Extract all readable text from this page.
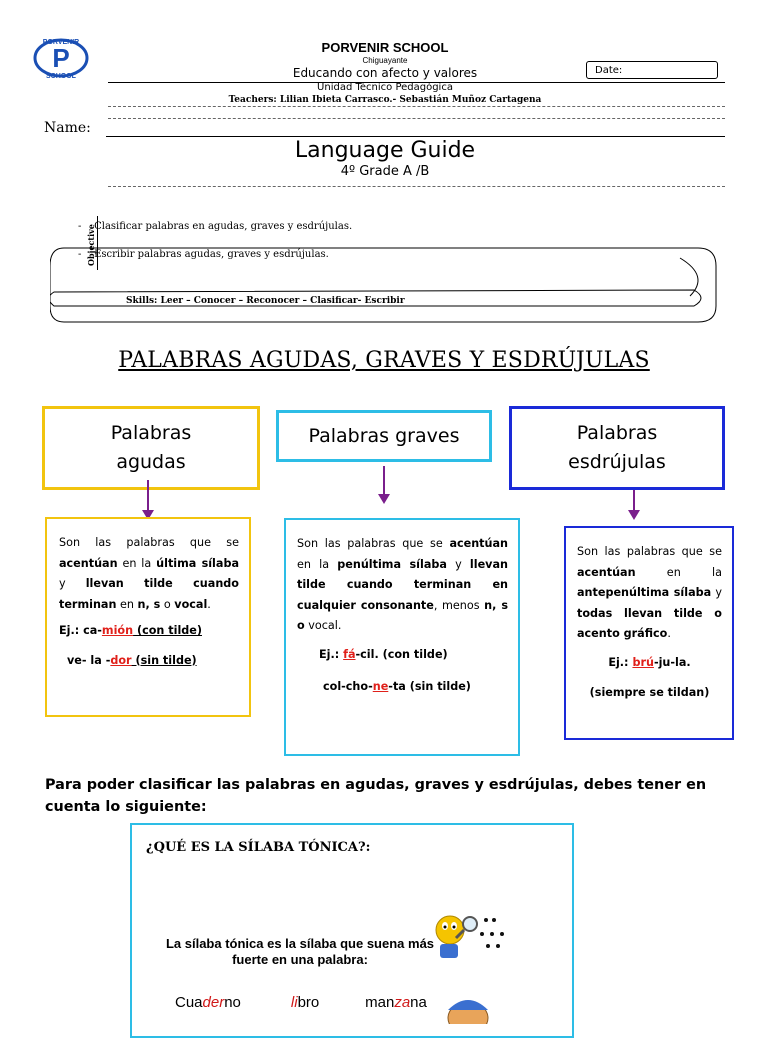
PORVENIR
P
SCHOOL
PORVENIR SCHOOL
Chiguayante
Educando con afecto y valores	Date:
Unidad Técnico Pedagógica
Teachers: Lilian Ibieta Carrasco.- Sebastián Muñoz Cartagena
Name:
Language Guide
4º Grade A /B
Objective
- Clasificar palabras en agudas, graves y esdrújulas.
- Escribir palabras agudas, graves y esdrújulas.
Skills: Leer – Conocer – Reconocer – Clasificar- Escribir
PALABRAS AGUDAS, GRAVES Y ESDRÚJULAS
Palabras
agudas
Palabras graves	Palabras
esdrújulas
Son las palabras que se acentúan en la última sílaba y llevan tilde cuando terminan en n, s o vocal.
Ej.: ca-mión (con tilde)
ve- la -dor (sin tilde)
Son las palabras que se acentúan en la penúltima sílaba y llevan tilde cuando terminan en cualquier consonante, menos n, s o vocal.
Ej.: fá-cil. (con tilde)
col-cho-ne-ta (sin tilde)
Son las palabras que se acentúan en la antepenúltima sílaba y todas llevan tilde o acento gráfico.
Ej.: brú-ju-la.
(siempre se tildan)
Para poder clasificar las palabras en agudas, graves y esdrújulas, debes tener en cuenta lo siguiente:
¿QUÉ ES LA SÍLABA TÓNICA?:
La sílaba tónica es la sílaba que suena más fuerte en una palabra:
Cuaderno	libro	manzana
